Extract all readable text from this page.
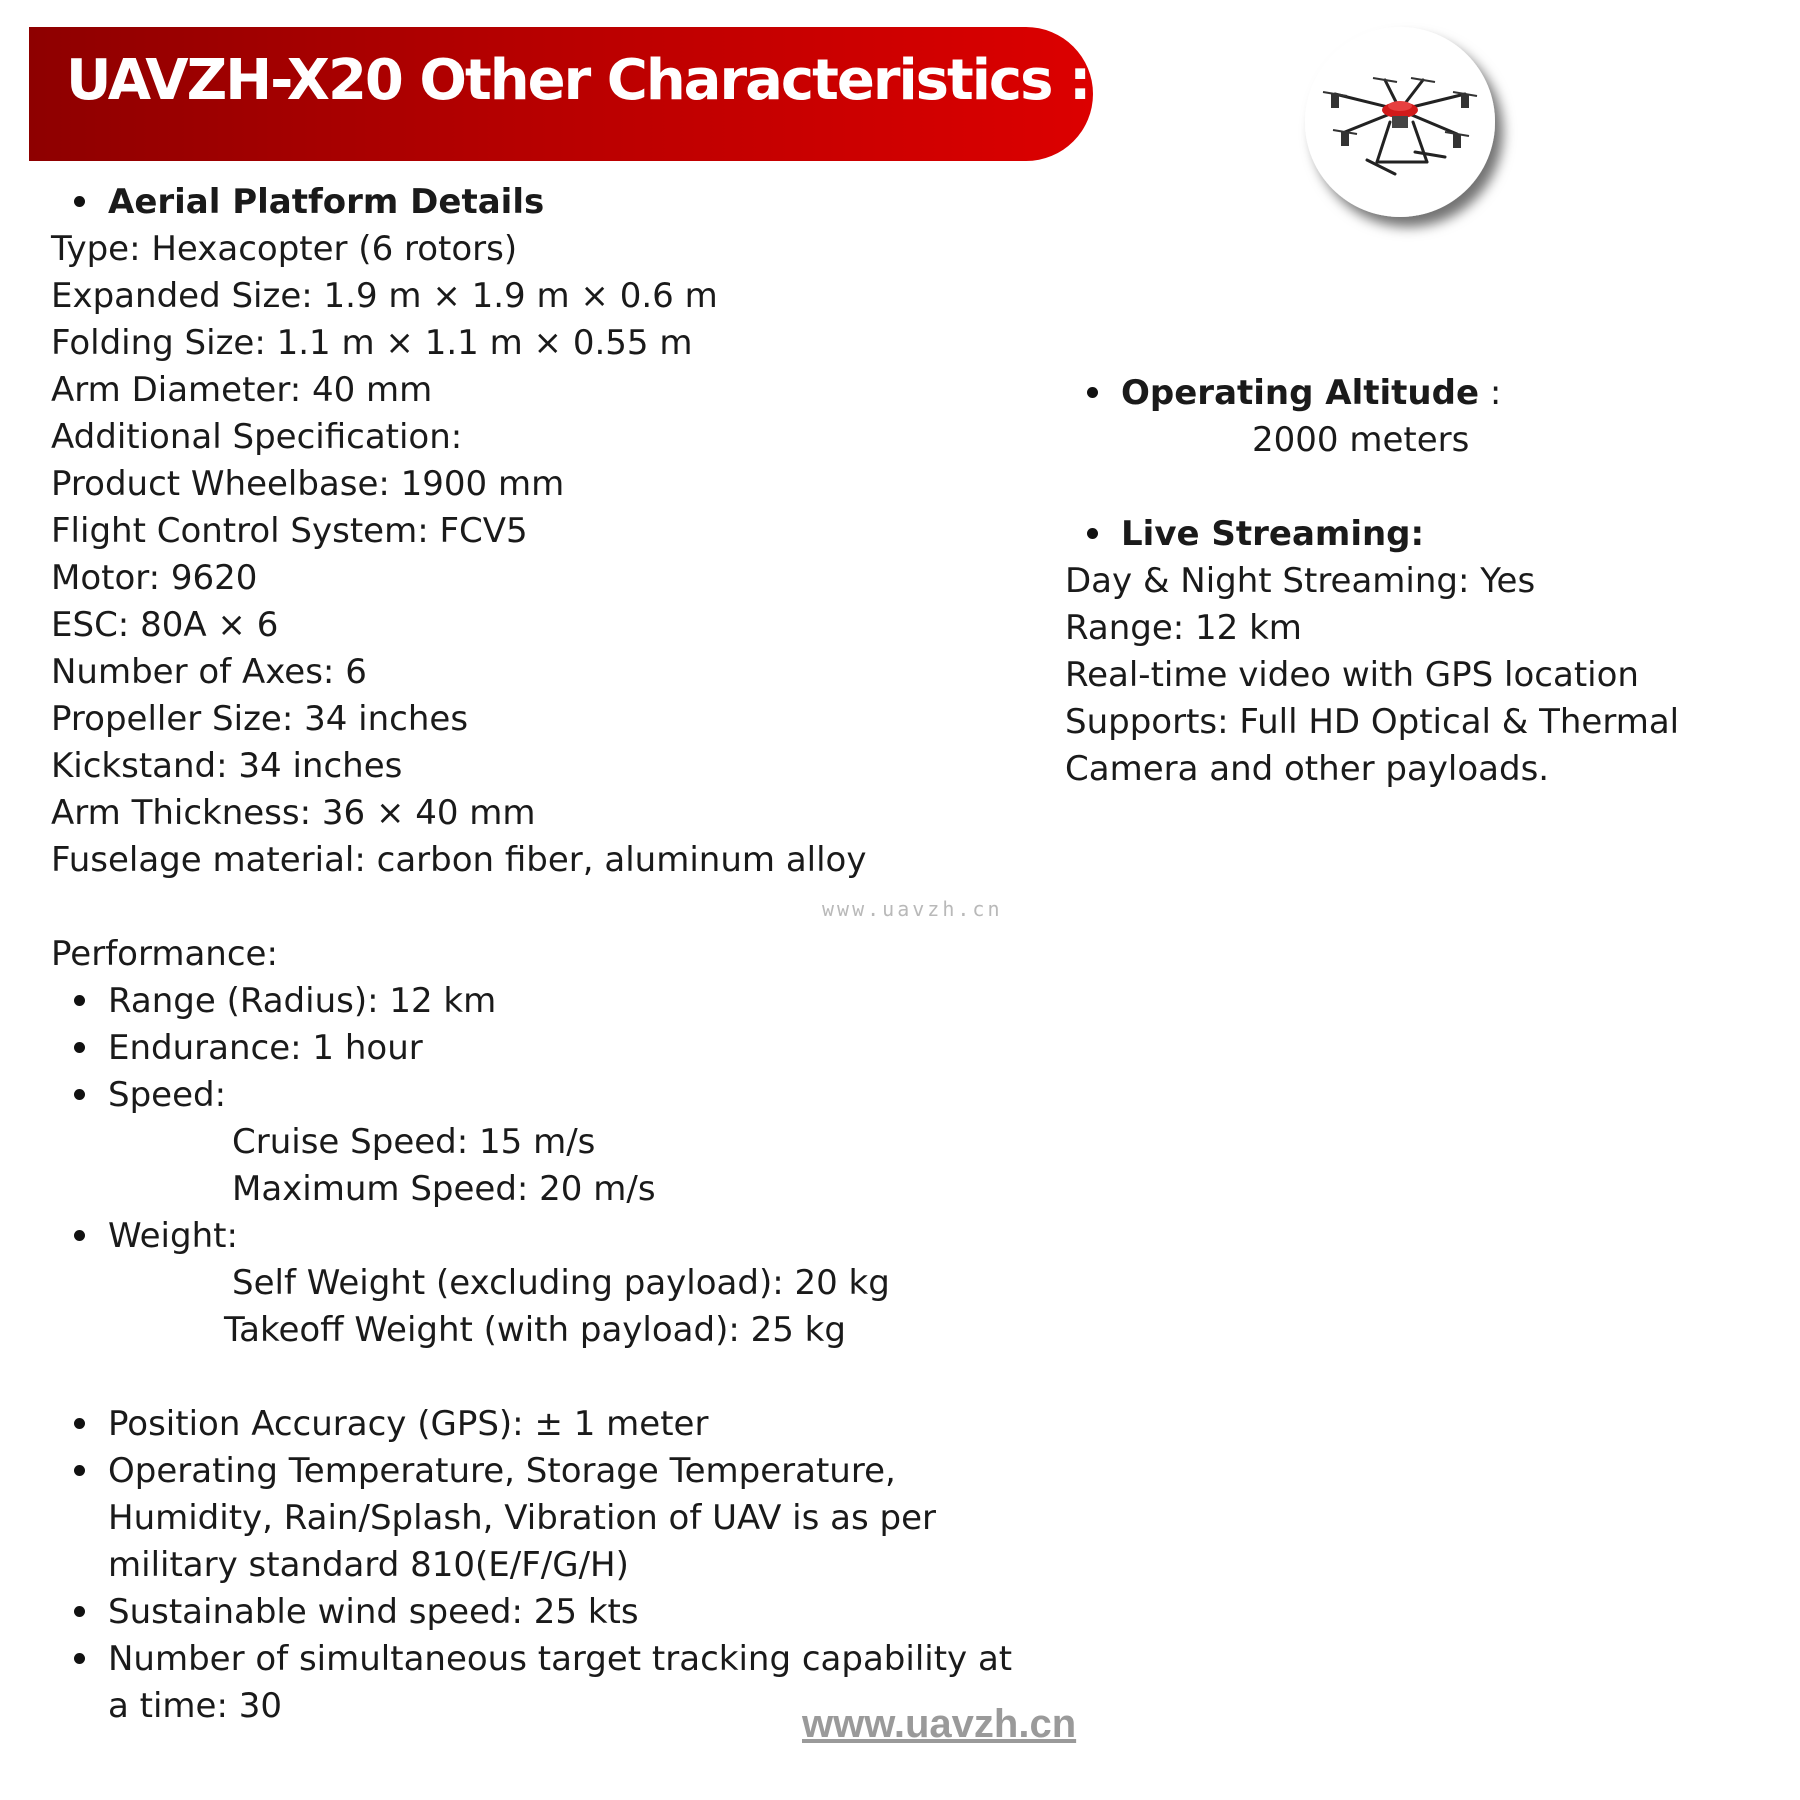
UAVZH-X20 Other Characteristics :
Aerial Platform Details
Type: Hexacopter (6 rotors)
Expanded Size: 1.9 m × 1.9 m × 0.6 m
Folding Size: 1.1 m × 1.1 m × 0.55 m
Arm Diameter: 40 mm
Additional Specification:
Product Wheelbase: 1900 mm
Flight Control System: FCV5
Motor: 9620
ESC: 80A × 6
Number of Axes: 6
Propeller Size: 34 inches
Kickstand: 34 inches
Arm Thickness: 36 × 40 mm
Fuselage material: carbon fiber, aluminum alloy
www.uavzh.cn
Performance:
Range (Radius): 12 km
Endurance: 1 hour
Speed:
Cruise Speed: 15 m/s
Maximum Speed: 20 m/s
Weight:
Self Weight (excluding payload): 20 kg
Takeoff Weight (with payload): 25 kg
Position Accuracy (GPS): ± 1 meter
Operating Temperature, Storage Temperature,
Humidity, Rain/Splash, Vibration of UAV is as per
military standard 810(E/F/G/H)
Sustainable wind speed: 25 kts
Number of simultaneous target tracking capability at
a time: 30
Operating Altitude :
2000 meters
Live Streaming:
Day & Night Streaming: Yes
Range: 12 km
Real-time video with GPS location
Supports: Full HD Optical & Thermal
Camera and other payloads.
www.uavzh.cn
